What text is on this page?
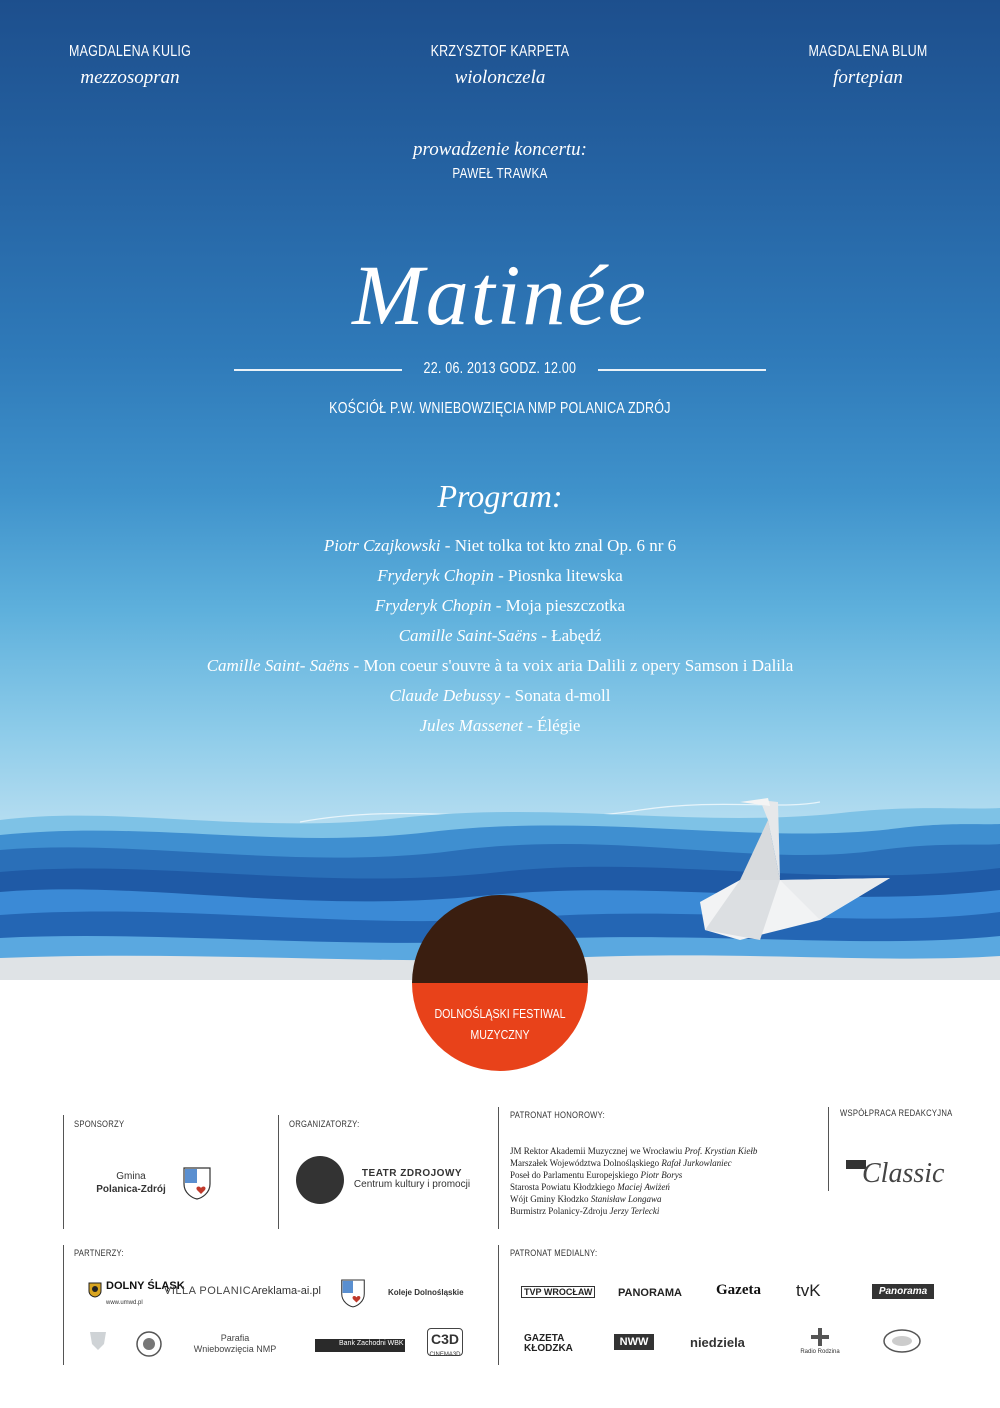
MAGDALENA KULIG
mezzosopran
KRZYSZTOF KARPETA
wiolonczela
MAGDALENA BLUM
fortepian
prowadzenie koncertu:
PAWEŁ TRAWKA
Matinée
22. 06. 2013 GODZ. 12.00
KOŚCIÓŁ P.W. WNIEBOWZIĘCIA NMP POLANICA ZDRÓJ
Program:
Piotr Czajkowski - Niet tolka tot kto znal Op. 6 nr 6
Fryderyk Chopin - Piosnka litewska
Fryderyk Chopin - Moja pieszczotka
Camille Saint-Saëns - Łabędź
Camille Saint- Saëns - Mon coeur s'ouvre à ta voix aria Dalili z opery Samson i Dalila
Claude Debussy - Sonata d-moll
Jules Massenet - Élégie
DOLNOŚLĄSKI FESTIWAL
MUZYCZNY
SPONSORZY
Gmina
Polanica-Zdrój
ORGANIZATORZY:
TEATR ZDROJOWY
Centrum kultury i promocji
PATRONAT HONOROWY:
JM Rektor Akademii Muzycznej we Wrocławiu Prof. Krystian Kiełb
Marszałek Województwa Dolnośląskiego Rafał Jurkowlaniec
Poseł do Parlamentu Europejskiego Piotr Borys
Starosta Powiatu Kłodzkiego Maciej Awiżeń
Wójt Gminy Kłodzko Stanisław Longawa
Burmistrz Polanicy-Zdroju Jerzy Terlecki
WSPÓŁPRACA REDAKCYJNA
Classic
PARTNERZY:	PATRONAT MEDIALNY:
DOLNY ŚLĄSK
www.umwd.pl
VILLA POLANICA
reklama-ai.pl	Koleje Dolnośląskie
Parafia
Wniebowzięcia NMP
Bank Zachodni WBK C3D
CINEMA3D
TVP WROCŁAW PANORAMA Gazeta tvK	Panorama
GAZETA KŁODZKA
NWW	niedziela
Radio Rodzina
